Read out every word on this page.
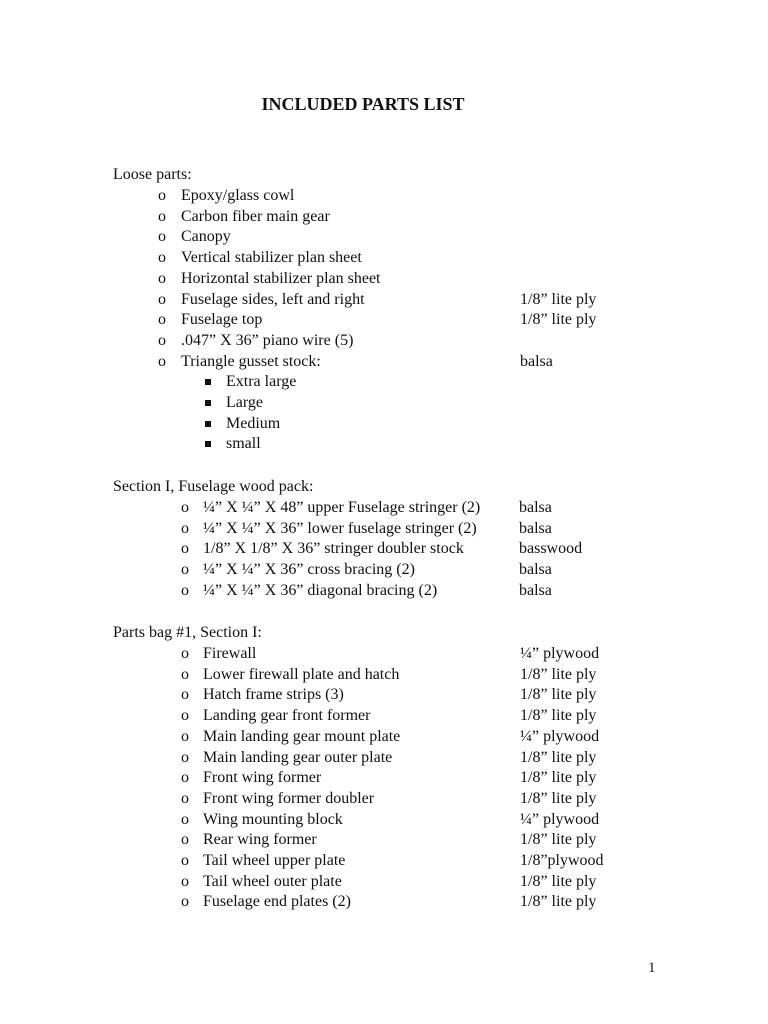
INCLUDED PARTS LIST
Loose parts:
o Epoxy/glass cowl
o Carbon fiber main gear
o Canopy
o Vertical stabilizer plan sheet
o Horizontal stabilizer plan sheet
o Fuselage sides, left and right	1/8” lite ply
o Fuselage top	1/8” lite ply
o .047” X 36” piano wire (5)
o Triangle gusset stock:	balsa
Extra large
Large
Medium
small
Section I, Fuselage wood pack:
o ¼” X ¼” X 48” upper Fuselage stringer (2) balsa
o ¼” X ¼” X 36” lower fuselage stringer (2)	balsa
o 1/8” X 1/8” X 36” stringer doubler stock	basswood
o ¼” X ¼” X 36” cross bracing (2)	balsa
o ¼” X ¼” X 36” diagonal bracing (2)	balsa
Parts bag #1, Section I:
o Firewall	¼” plywood
o Lower firewall plate and hatch	1/8” lite ply
o Hatch frame strips (3)	1/8” lite ply
o Landing gear front former	1/8” lite ply
o Main landing gear mount plate	¼” plywood
o Main landing gear outer plate	1/8” lite ply
o Front wing former	1/8” lite ply
o Front wing former doubler	1/8” lite ply
o Wing mounting block	¼” plywood
o Rear wing former	1/8” lite ply
o Tail wheel upper plate	1/8”plywood
o Tail wheel outer plate	1/8” lite ply
o Fuselage end plates (2)	1/8” lite ply
1
